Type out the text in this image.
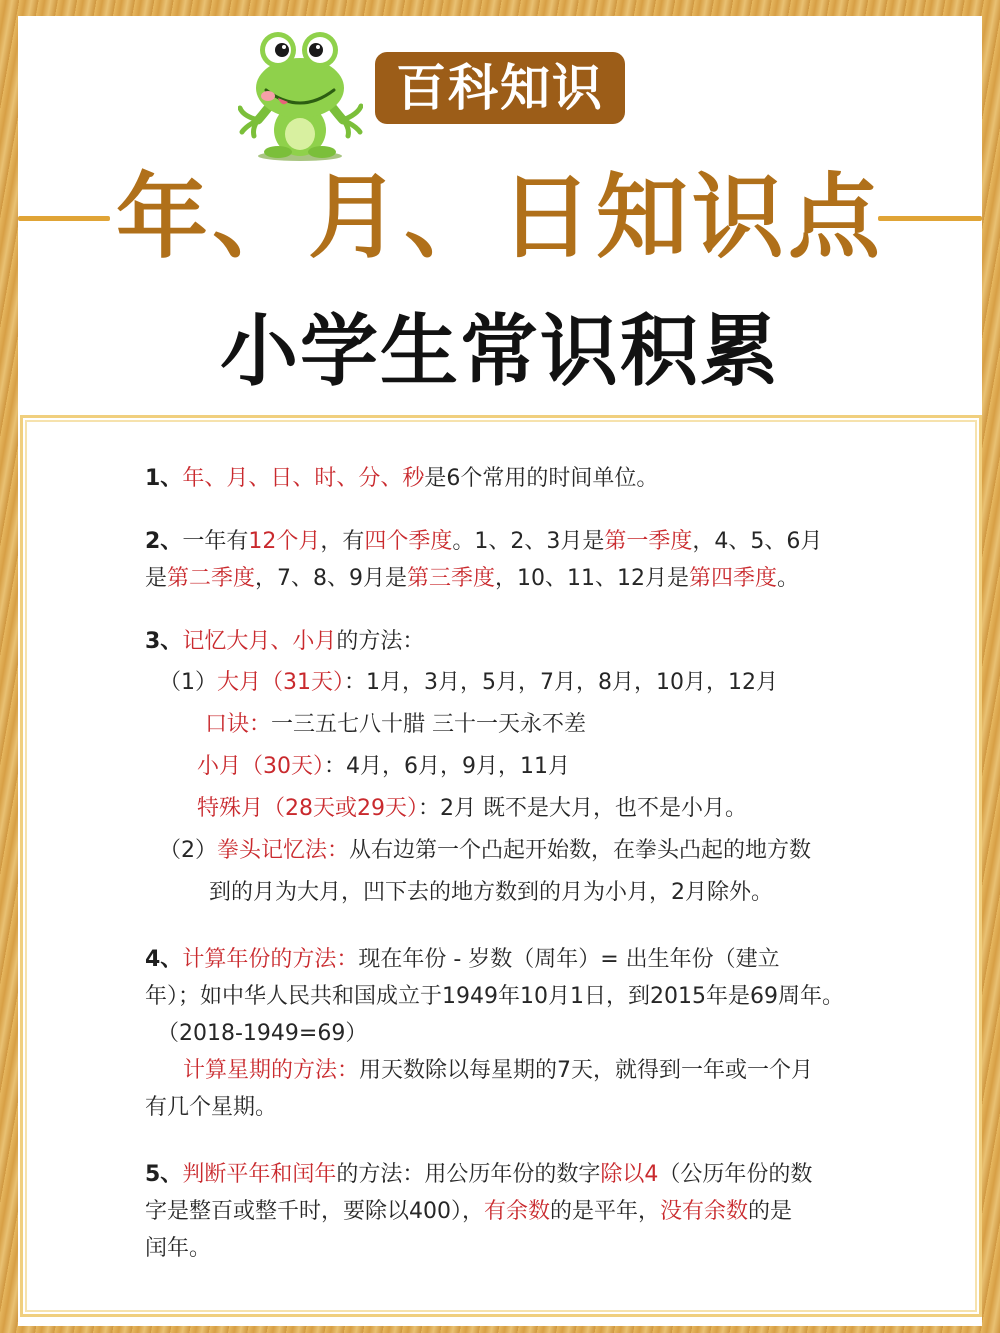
百科知识
年、月、日知识点
小学生常识积累

1、年、月、日、时、分、秒是6个常用的时间单位。

2、一年有12个月，有四个季度。1、2、3月是第一季度，4、5、6月

是第二季度，7、8、9月是第三季度，10、11、12月是第四季度。

3、记忆大月、小月的方法：

（1）大月（31天）：1月，3月，5月，7月，8月，10月，12月

口诀：一三五七八十腊 三十一天永不差

小月（30天）：4月，6月，9月，11月

特殊月（28天或29天）：2月 既不是大月，也不是小月。

（2）拳头记忆法：从右边第一个凸起开始数，在拳头凸起的地方数

到的月为大月，凹下去的地方数到的月为小月，2月除外。

4、计算年份的方法：现在年份 - 岁数（周年）= 出生年份（建立

年）；如中华人民共和国成立于1949年10月1日，到2015年是69周年。

（2018-1949=69）

计算星期的方法：用天数除以每星期的7天，就得到一年或一个月

有几个星期。

5、判断平年和闰年的方法：用公历年份的数字除以4（公历年份的数

字是整百或整千时，要除以400），有余数的是平年，没有余数的是

闰年。
